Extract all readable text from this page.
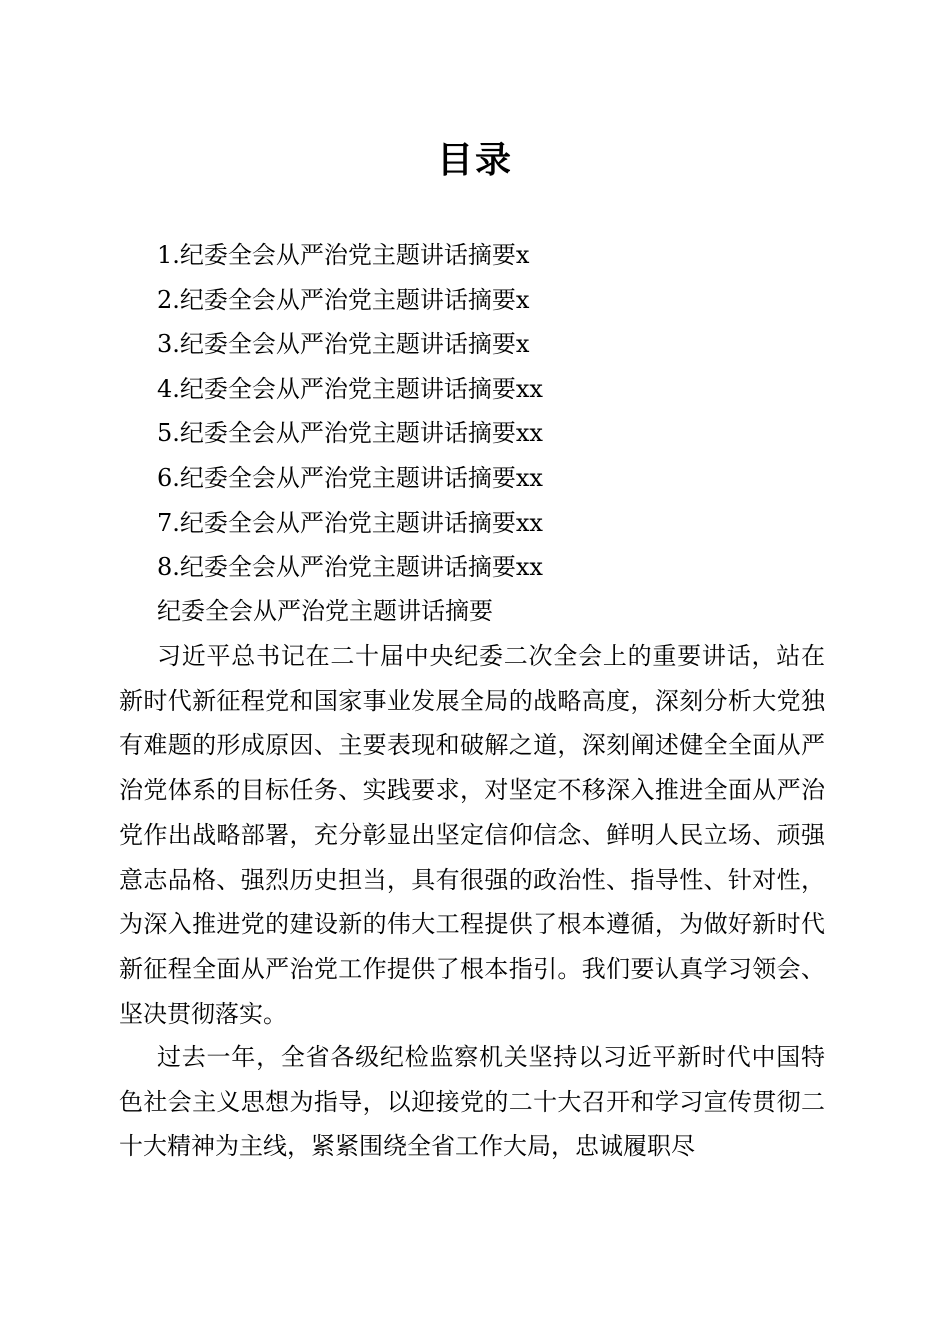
目录
1.纪委全会从严治党主题讲话摘要x
2.纪委全会从严治党主题讲话摘要x
3.纪委全会从严治党主题讲话摘要x
4.纪委全会从严治党主题讲话摘要xx
5.纪委全会从严治党主题讲话摘要xx
6.纪委全会从严治党主题讲话摘要xx
7.纪委全会从严治党主题讲话摘要xx
8.纪委全会从严治党主题讲话摘要xx
纪委全会从严治党主题讲话摘要

习近平总书记在二十届中央纪委二次全会上的重要讲话，站在新时代新征程党和国家事业发展全局的战略高度，深刻分析大党独有难题的形成原因、主要表现和破解之道，深刻阐述健全全面从严治党体系的目标任务、实践要求，对坚定不移深入推进全面从严治党作出战略部署，充分彰显出坚定信仰信念、鲜明人民立场、顽强意志品格、强烈历史担当，具有很强的政治性、指导性、针对性，为深入推进党的建设新的伟大工程提供了根本遵循，为做好新时代新征程全面从严治党工作提供了根本指引。我们要认真学习领会、坚决贯彻落实。

过去一年，全省各级纪检监察机关坚持以习近平新时代中国特色社会主义思想为指导，以迎接党的二十大召开和学习宣传贯彻二十大精神为主线，紧紧围绕全省工作大局，忠诚履职尽
